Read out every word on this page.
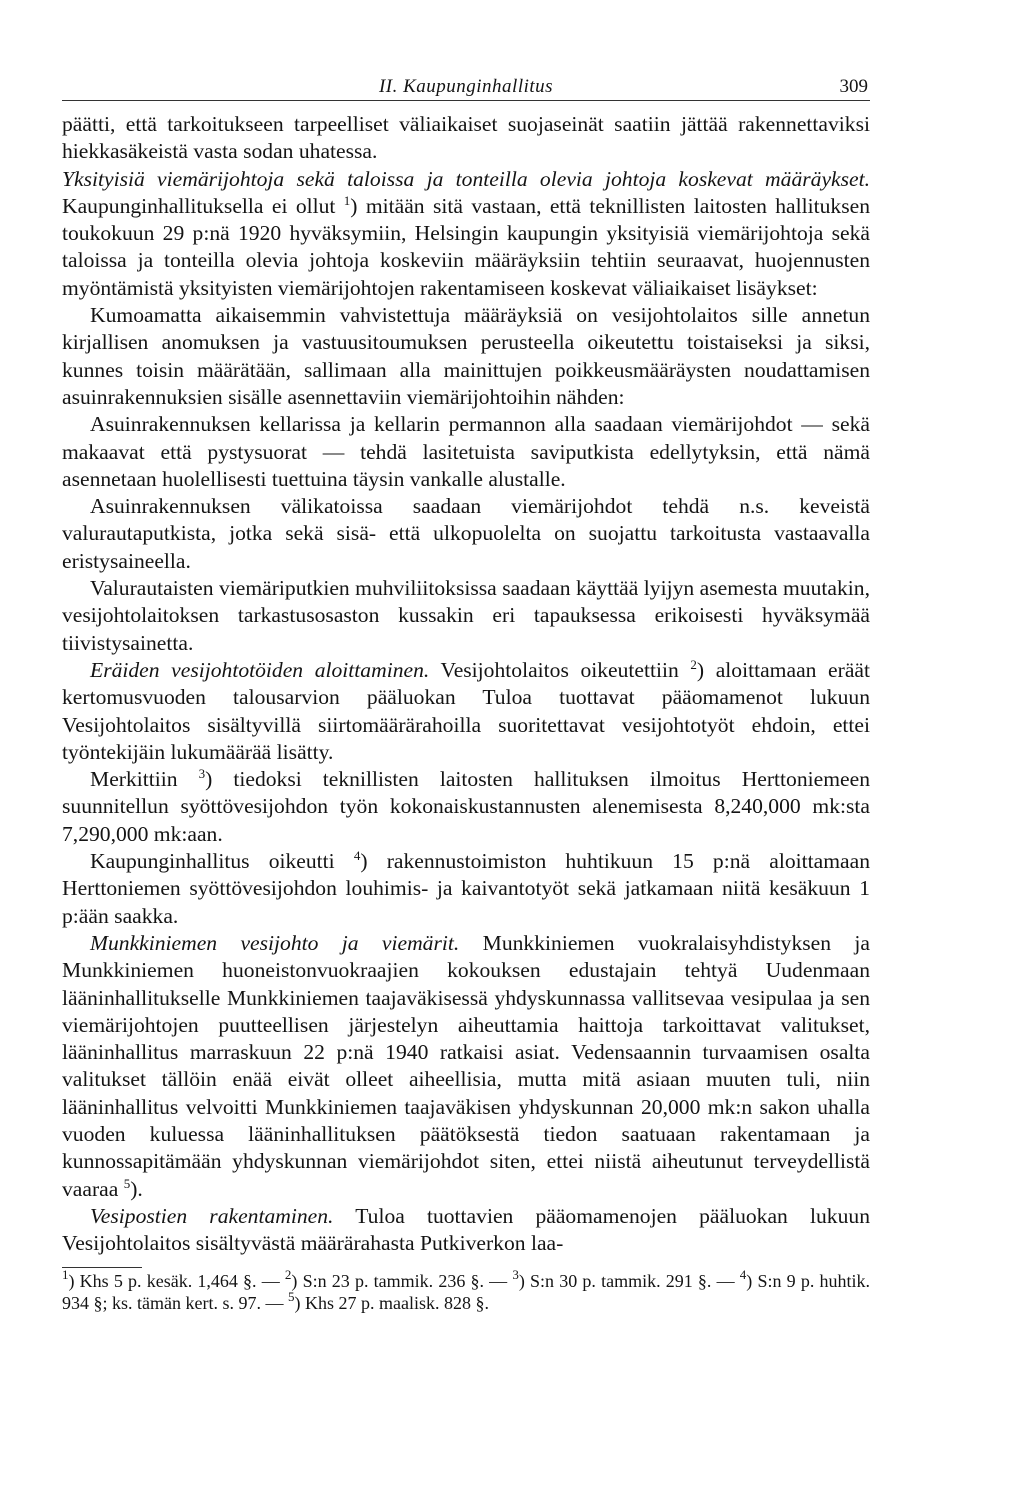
II. Kaupunginhallitus	309

päätti, että tarkoitukseen tarpeelliset väliaikaiset suojaseinät saatiin jättää rakennettaviksi hiekkasäkeistä vasta sodan uhatessa.

Yksityisiä viemärijohtoja sekä taloissa ja tonteilla olevia johtoja koskevat määräykset. Kaupunginhallituksella ei ollut $^1$) mitään sitä vastaan, että teknillisten laitosten hallituksen toukokuun 29 p:nä 1920 hyväksymiin, Helsingin kaupungin yksityisiä viemärijohtoja sekä taloissa ja tonteilla olevia johtoja koskeviin määräyksiin tehtiin seuraavat, huojennusten myöntämistä yksityisten viemärijohtojen rakentamiseen koskevat väliaikaiset lisäykset:

Kumoamatta aikaisemmin vahvistettuja määräyksiä on vesijohtolaitos sille annetun kirjallisen anomuksen ja vastuusitoumuksen perusteella oikeutettu toistaiseksi ja siksi, kunnes toisin määrätään, sallimaan alla mainittujen poikkeusmääräysten noudattamisen asuinrakennuksien sisälle asennettaviin viemärijohtoihin nähden:

Asuinrakennuksen kellarissa ja kellarin permannon alla saadaan viemärijohdot — sekä makaavat että pystysuorat — tehdä lasitetuista saviputkista edellytyksin, että nämä asennetaan huolellisesti tuettuina täysin vankalle alustalle.

Asuinrakennuksen välikatoissa saadaan viemärijohdot tehdä n.s. keveistä valurautaputkista, jotka sekä sisä- että ulkopuolelta on suojattu tarkoitusta vastaavalla eristysaineella.

Valurautaisten viemäriputkien muhviliitoksissa saadaan käyttää lyijyn asemesta muutakin, vesijohtolaitoksen tarkastusosaston kussakin eri tapauksessa erikoisesti hyväksymää tiivistysainetta.

Eräiden vesijohtotöiden aloittaminen. Vesijohtolaitos oikeutettiin $^2$) aloittamaan eräät kertomusvuoden talousarvion pääluokan Tuloa tuottavat pääomamenot lukuun Vesijohtolaitos sisältyvillä siirtomäärärahoilla suoritettavat vesijohtotyöt ehdoin, ettei työntekijäin lukumäärää lisätty.

Merkittiin $^3$) tiedoksi teknillisten laitosten hallituksen ilmoitus Herttoniemeen suunnitellun syöttövesijohdon työn kokonaiskustannusten alenemisesta 8,240,000 mk:sta 7,290,000 mk:aan.

Kaupunginhallitus oikeutti $^4$) rakennustoimiston huhtikuun 15 p:nä aloittamaan Herttoniemen syöttövesijohdon louhimis- ja kaivantotyöt sekä jatkamaan niitä kesäkuun 1 p:ään saakka.

Munkkiniemen vesijohto ja viemärit. Munkkiniemen vuokralaisyhdistyksen ja Munkkiniemen huoneistonvuokraajien kokouksen edustajain tehtyä Uudenmaan lääninhallitukselle Munkkiniemen taajaväkisessä yhdyskunnassa vallitsevaa vesipulaa ja sen viemärijohtojen puutteellisen järjestelyn aiheuttamia haittoja tarkoittavat valitukset, lääninhallitus marraskuun 22 p:nä 1940 ratkaisi asiat. Vedensaannin turvaamisen osalta valitukset tällöin enää eivät olleet aiheellisia, mutta mitä asiaan muuten tuli, niin lääninhallitus velvoitti Munkkiniemen taajaväkisen yhdyskunnan 20,000 mk:n sakon uhalla vuoden kuluessa lääninhallituksen päätöksestä tiedon saatuaan rakentamaan ja kunnossapitämään yhdyskunnan viemärijohdot siten, ettei niistä aiheutunut terveydellistä vaaraa $^5$).

Vesipostien rakentaminen. Tuloa tuottavien pääomamenojen pääluokan lukuun Vesijohtolaitos sisältyvästä määrärahasta Putkiverkon laa-

$^1$) Khs 5 p. kesäk. 1,464 §. — $^2$) S:n 23 p. tammik. 236 §. — $^3$) S:n 30 p. tammik. 291 §. — $^4$) S:n 9 p. huhtik. 934 §; ks. tämän kert. s. 97. — $^5$) Khs 27 p. maalisk. 828 §.
